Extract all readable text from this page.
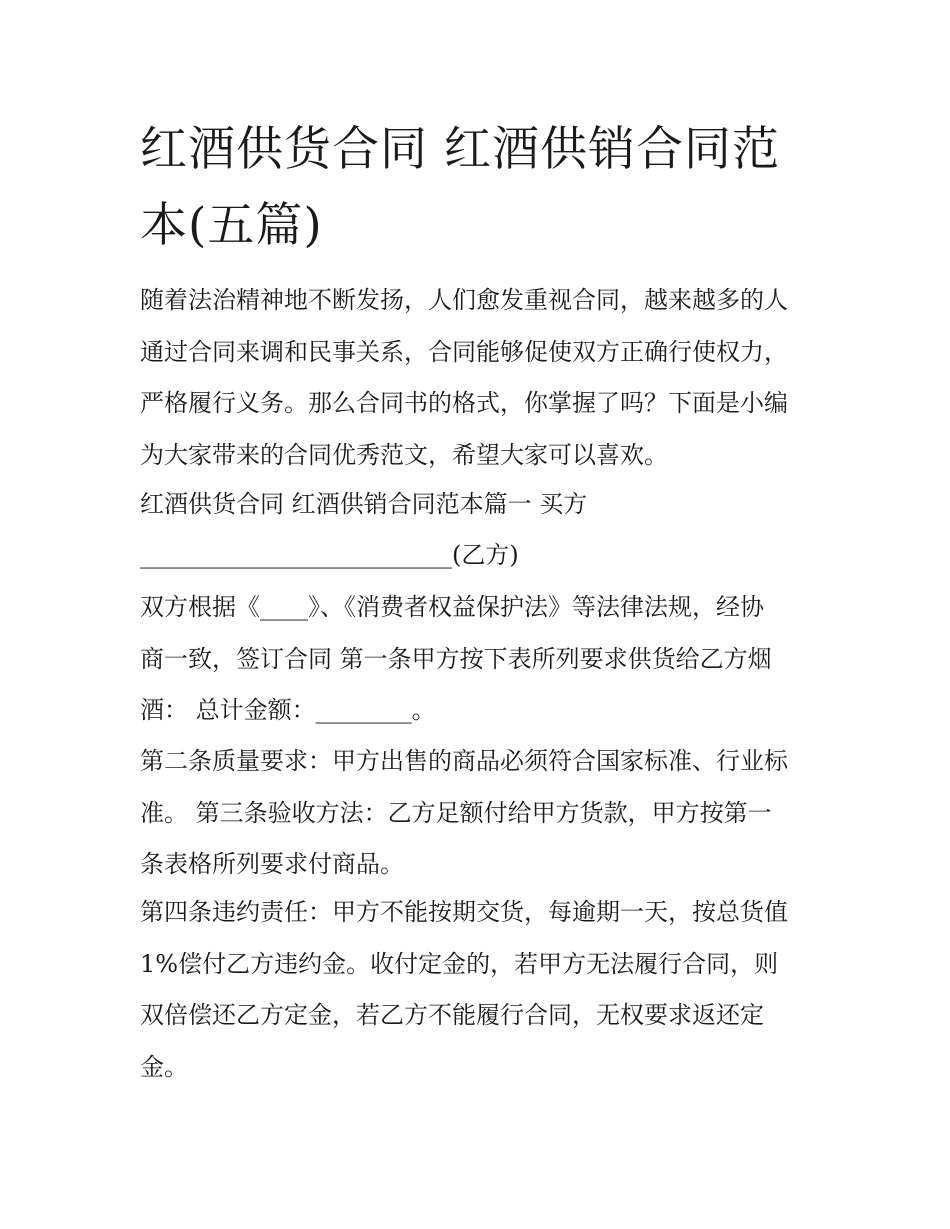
红酒供货合同 红酒供销合同范
本(五篇)

随着法治精神地不断发扬，人们愈发重视合同，越来越多的人
通过合同来调和民事关系，合同能够促使双方正确行使权力，
严格履行义务。那么合同书的格式，你掌握了吗？下面是小编
为大家带来的合同优秀范文，希望大家可以喜欢。

红酒供货合同 红酒供销合同范本篇一 买方

__________________________(乙方)

双方根据《____》、《消费者权益保护法》等法律法规，经协
商一致，签订合同 第一条甲方按下表所列要求供货给乙方烟
酒： 总计金额：________。

第二条质量要求：甲方出售的商品必须符合国家标准、行业标
准。 第三条验收方法：乙方足额付给甲方货款，甲方按第一
条表格所列要求付商品。

第四条违约责任：甲方不能按期交货，每逾期一天，按总货值
1%偿付乙方违约金。收付定金的，若甲方无法履行合同，则
双倍偿还乙方定金，若乙方不能履行合同，无权要求返还定
金。
